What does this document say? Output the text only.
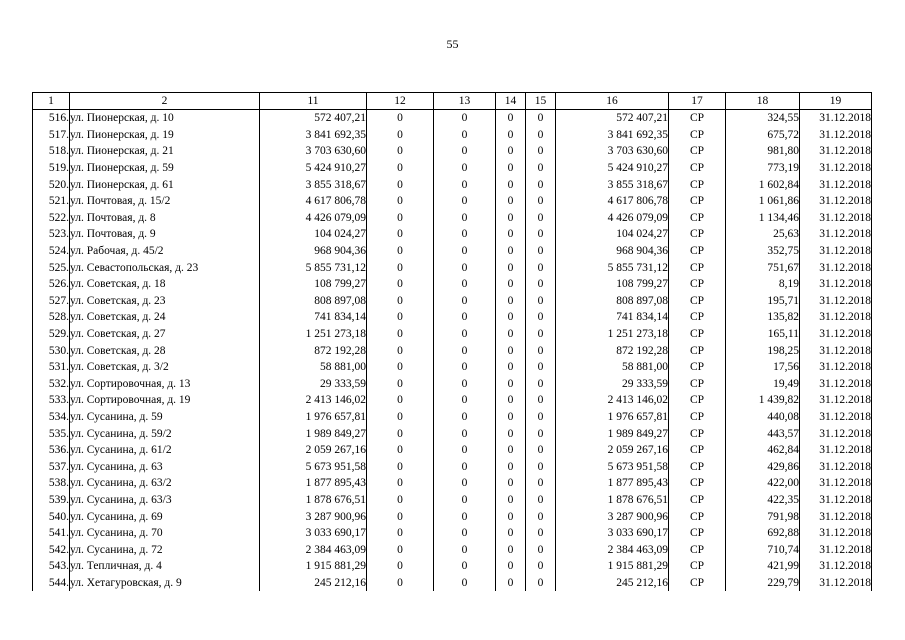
55
1	2	11	12	13	14	15	16	17	18	19
516.	ул. Пионерская, д. 10	572 407,21	0	0	0	0	572 407,21	СР	324,55	31.12.2018
517.	ул. Пионерская, д. 19	3 841 692,35	0	0	0	0	3 841 692,35	СР	675,72	31.12.2018
518.	ул. Пионерская, д. 21	3 703 630,60	0	0	0	0	3 703 630,60	СР	981,80	31.12.2018
519.	ул. Пионерская, д. 59	5 424 910,27	0	0	0	0	5 424 910,27	СР	773,19	31.12.2018
520.	ул. Пионерская, д. 61	3 855 318,67	0	0	0	0	3 855 318,67	СР	1 602,84	31.12.2018
521.	ул. Почтовая, д. 15/2	4 617 806,78	0	0	0	0	4 617 806,78	СР	1 061,86	31.12.2018
522.	ул. Почтовая, д. 8	4 426 079,09	0	0	0	0	4 426 079,09	СР	1 134,46	31.12.2018
523.	ул. Почтовая, д. 9	104 024,27	0	0	0	0	104 024,27	СР	25,63	31.12.2018
524.	ул. Рабочая, д. 45/2	968 904,36	0	0	0	0	968 904,36	СР	352,75	31.12.2018
525.	ул. Севастопольская, д. 23	5 855 731,12	0	0	0	0	5 855 731,12	СР	751,67	31.12.2018
526.	ул. Советская, д. 18	108 799,27	0	0	0	0	108 799,27	СР	8,19	31.12.2018
527.	ул. Советская, д. 23	808 897,08	0	0	0	0	808 897,08	СР	195,71	31.12.2018
528.	ул. Советская, д. 24	741 834,14	0	0	0	0	741 834,14	СР	135,82	31.12.2018
529.	ул. Советская, д. 27	1 251 273,18	0	0	0	0	1 251 273,18	СР	165,11	31.12.2018
530.	ул. Советская, д. 28	872 192,28	0	0	0	0	872 192,28	СР	198,25	31.12.2018
531.	ул. Советская, д. 3/2	58 881,00	0	0	0	0	58 881,00	СР	17,56	31.12.2018
532.	ул. Сортировочная, д. 13	29 333,59	0	0	0	0	29 333,59	СР	19,49	31.12.2018
533.	ул. Сортировочная, д. 19	2 413 146,02	0	0	0	0	2 413 146,02	СР	1 439,82	31.12.2018
534.	ул. Сусанина, д. 59	1 976 657,81	0	0	0	0	1 976 657,81	СР	440,08	31.12.2018
535.	ул. Сусанина, д. 59/2	1 989 849,27	0	0	0	0	1 989 849,27	СР	443,57	31.12.2018
536.	ул. Сусанина, д. 61/2	2 059 267,16	0	0	0	0	2 059 267,16	СР	462,84	31.12.2018
537.	ул. Сусанина, д. 63	5 673 951,58	0	0	0	0	5 673 951,58	СР	429,86	31.12.2018
538.	ул. Сусанина, д. 63/2	1 877 895,43	0	0	0	0	1 877 895,43	СР	422,00	31.12.2018
539.	ул. Сусанина, д. 63/3	1 878 676,51	0	0	0	0	1 878 676,51	СР	422,35	31.12.2018
540.	ул. Сусанина, д. 69	3 287 900,96	0	0	0	0	3 287 900,96	СР	791,98	31.12.2018
541.	ул. Сусанина, д. 70	3 033 690,17	0	0	0	0	3 033 690,17	СР	692,88	31.12.2018
542.	ул. Сусанина, д. 72	2 384 463,09	0	0	0	0	2 384 463,09	СР	710,74	31.12.2018
543.	ул. Тепличная, д. 4	1 915 881,29	0	0	0	0	1 915 881,29	СР	421,99	31.12.2018
544.	ул. Хетагуровская, д. 9	245 212,16	0	0	0	0	245 212,16	СР	229,79	31.12.2018
